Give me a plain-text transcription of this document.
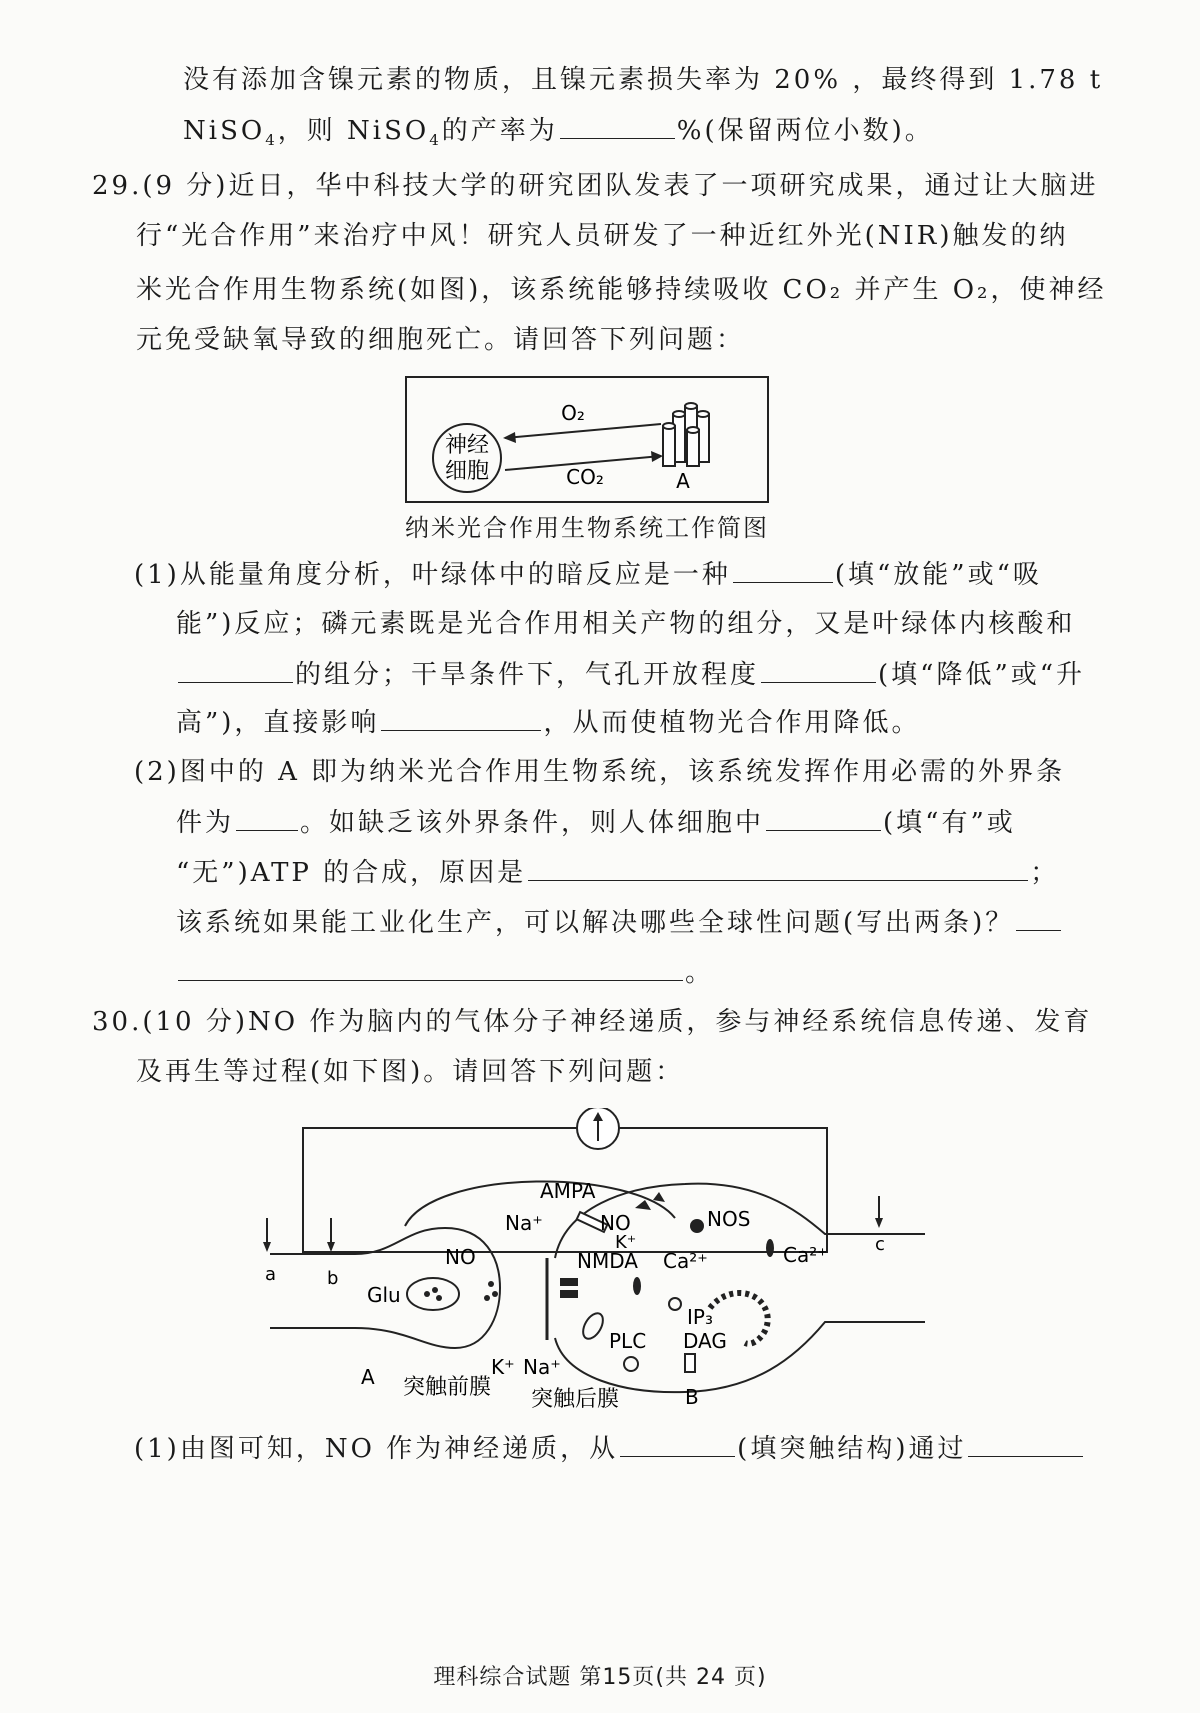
没有添加含镍元素的物质，且镍元素损失率为 20% ，最终得到 1.78 t
NiSO$_4$，则 NiSO$_4$的产率为	%(保留两位小数)。
29.(9 分)近日，华中科技大学的研究团队发表了一项研究成果，通过让大脑进
行“光合作用”来治疗中风！研究人员研发了一种近红外光(NIR)触发的纳
米光合作用生物系统(如图)，该系统能够持续吸收 CO₂ 并产生 O₂，使神经
元免受缺氧导致的细胞死亡。请回答下列问题：
神经
细胞
O₂
CO₂	A
纳米光合作用生物系统工作简图
(1)从能量角度分析，叶绿体中的暗反应是一种	(填“放能”或“吸
能”)反应；磷元素既是光合作用相关产物的组分，又是叶绿体内核酸和
的组分；干旱条件下，气孔开放程度	(填“降低”或“升
高”)，直接影响	，从而使植物光合作用降低。
(2)图中的 A 即为纳米光合作用生物系统，该系统发挥作用必需的外界条
件为	。如缺乏该外界条件，则人体细胞中	(填“有”或
“无”)ATP 的合成，原因是	；
该系统如果能工业化生产，可以解决哪些全球性问题(写出两条)？
。
30.(10 分)NO 作为脑内的气体分子神经递质，参与神经系统信息传递、发育
及再生等过程(如下图)。请回答下列问题：
a	b
c
Glu
NO
AMPA
Na⁺	NO
K⁺
NOS
NMDA Ca²⁺	Ca²⁺
IP₃
DAG
PLC
K⁺ Na⁺
A
B
突触前膜 突触后膜
(1)由图可知，NO 作为神经递质，从	(填突触结构)通过
理科综合试题 第15页(共 24 页)
